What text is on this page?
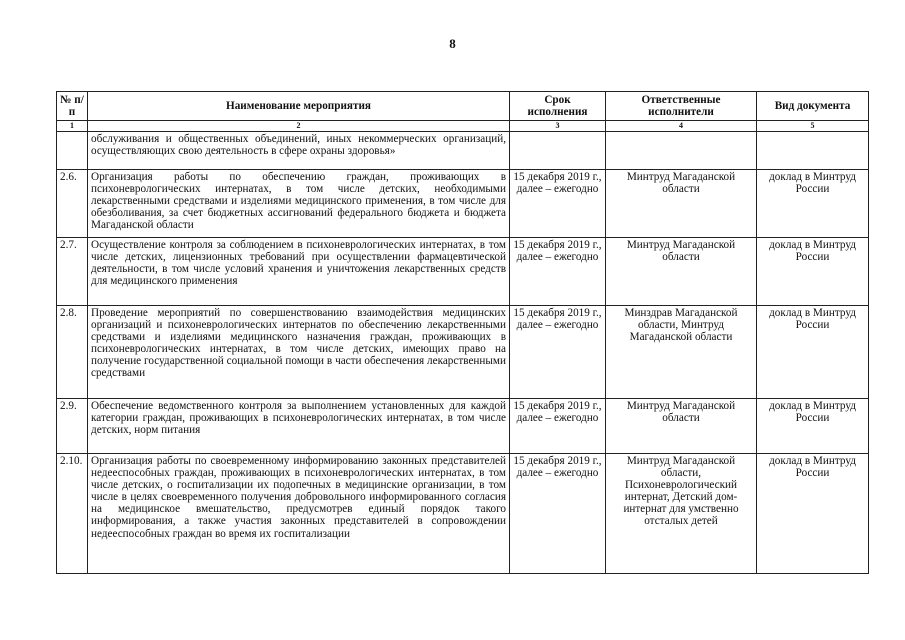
8
№ п/п	Наименование мероприятия	Срок исполнения	Ответственные исполнители	Вид документа
1	2	3	4	5
	обслуживания и общественных объединений, иных некоммерческих организаций, осуществляющих свою деятельность в сфере охраны здоровья»			
2.6.	Организация работы по обеспечению граждан, проживающих в психоневрологических интернатах, в том числе детских, необходимыми лекарственными средствами и изделиями медицинского применения, в том числе для обезболивания, за счет бюджетных ассигнований федерального бюджета и бюджета Магаданской области	15 декабря 2019 г., далее – ежегодно	Минтруд Магаданской области	доклад в Минтруд России
2.7.	Осуществление контроля за соблюдением в психоневрологических интернатах, в том числе детских, лицензионных требований при осуществлении фармацевтической деятельности, в том числе условий хранения и уничтожения лекарственных средств для медицинского применения	15 декабря 2019 г., далее – ежегодно	Минтруд Магаданской области	доклад в Минтруд России
2.8.	Проведение мероприятий по совершенствованию взаимодействия медицинских организаций и психоневрологических интернатов по обеспечению лекарственными средствами и изделиями медицинского назначения граждан, проживающих в психоневрологических интернатах, в том числе детских, имеющих право на получение государственной социальной помощи в части обеспечения лекарственными средствами	15 декабря 2019 г., далее – ежегодно	Минздрав Магаданской области, Минтруд Магаданской области	доклад в Минтруд России
2.9.	Обеспечение ведомственного контроля за выполнением установленных для каждой категории граждан, проживающих в психоневрологических интернатах, в том числе детских, норм питания	15 декабря 2019 г., далее – ежегодно	Минтруд Магаданской области	доклад в Минтруд России
2.10.	Организация работы по своевременному информированию законных представителей недееспособных граждан, проживающих в психоневрологических интернатах, в том числе детских, о госпитализации их подопечных в медицинские организации, в том числе в целях своевременного получения добровольного информированного согласия на медицинское вмешательство, предусмотрев единый порядок такого информирования, а также участия законных представителей в сопровождении недееспособных граждан во время их госпитализации	15 декабря 2019 г., далее – ежегодно	Минтруд Магаданской области, Психоневрологический интернат, Детский дом-интернат для умственно отсталых детей	доклад в Минтруд России
